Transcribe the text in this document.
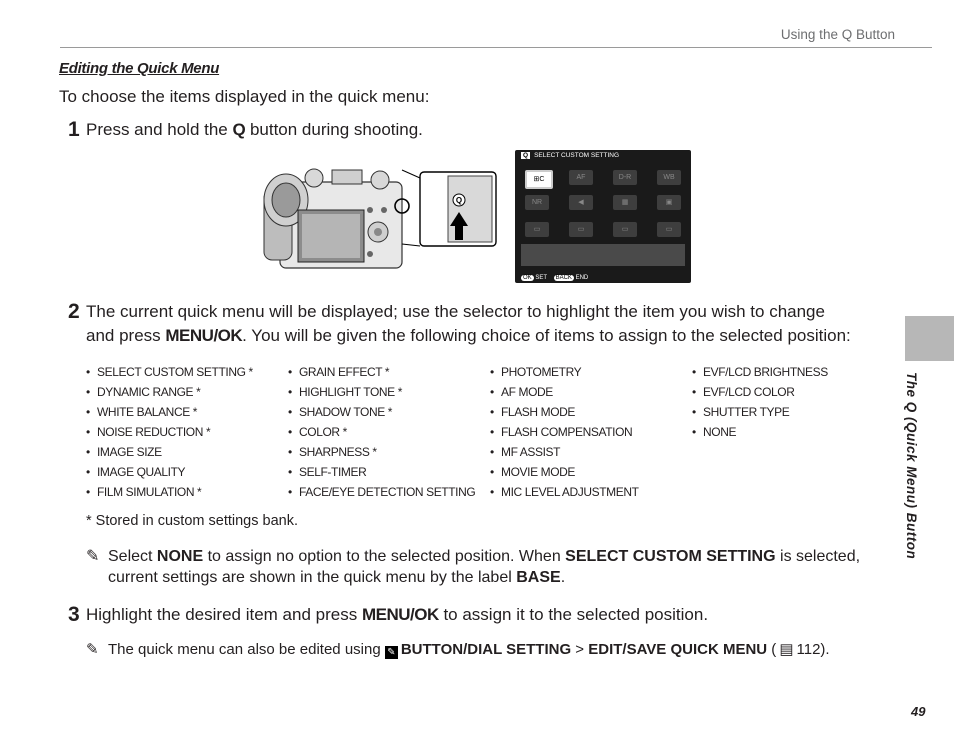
Using the Q Button
Editing the Quick Menu
To choose the items displayed in the quick menu:
1 Press and hold the Q button during shooting.
Q
Q SELECT CUSTOM SETTING
⊞C	AF	D-R	WB
NR	◀	▦	▣
▭	▭	▭	▭
OK SET BACK END
2 The current quick menu will be displayed; use the selector to highlight the item you wish to change
and press MENU/OK. You will be given the following choice of items to assign to the selected position:
• SELECT CUSTOM SETTING *
• DYNAMIC RANGE *
• WHITE BALANCE *
• NOISE REDUCTION *
• IMAGE SIZE
• IMAGE QUALITY
• FILM SIMULATION *
• GRAIN EFFECT *
• HIGHLIGHT TONE *
• SHADOW TONE *
• COLOR *
• SHARPNESS *
• SELF-TIMER
• FACE/EYE DETECTION SETTING
• PHOTOMETRY
• AF MODE
• FLASH MODE
• FLASH COMPENSATION
• MF ASSIST
• MOVIE MODE
• MIC LEVEL ADJUSTMENT
• EVF/LCD BRIGHTNESS
• EVF/LCD COLOR
• SHUTTER TYPE
• NONE
* Stored in custom settings bank.
✎ Select NONE to assign no option to the selected position. When SELECT CUSTOM SETTING is selected,
current settings are shown in the quick menu by the label BASE.
3 Highlight the desired item and press MENU/OK to assign it to the selected position.
✎ The quick menu can also be edited using ✎ BUTTON/DIAL SETTING > EDIT/SAVE QUICK MENU ( ▤ 112).
The Q (Quick Menu) Button
49
